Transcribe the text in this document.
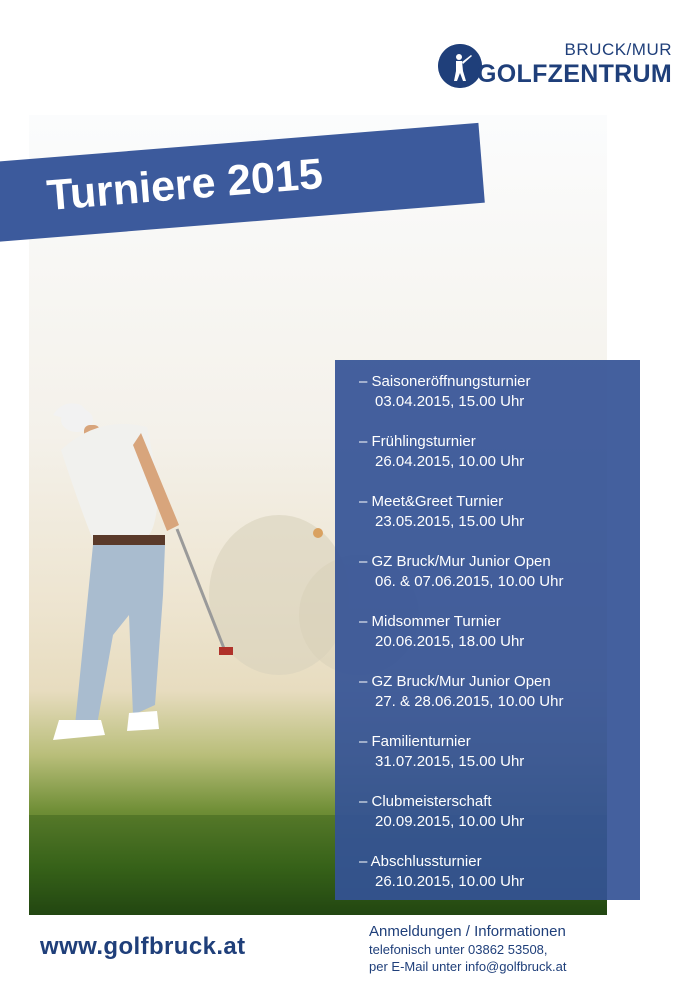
BRUCK/MUR
GOLFZENTRUM
Turniere 2015
– Saisoneröffnungsturnier
03.04.2015, 15.00 Uhr
– Frühlingsturnier
26.04.2015, 10.00 Uhr
– Meet&Greet Turnier
23.05.2015, 15.00 Uhr
– GZ Bruck/Mur Junior Open
06. & 07.06.2015, 10.00 Uhr
– Midsommer Turnier
20.06.2015, 18.00 Uhr
– GZ Bruck/Mur Junior Open
27. & 28.06.2015, 10.00 Uhr
– Familienturnier
31.07.2015, 15.00 Uhr
– Clubmeisterschaft
20.09.2015, 10.00 Uhr
– Abschlussturnier
26.10.2015, 10.00 Uhr
www.golfbruck.at
Anmeldungen / Informationen
telefonisch unter 03862 53508,
per E-Mail unter info@golfbruck.at
